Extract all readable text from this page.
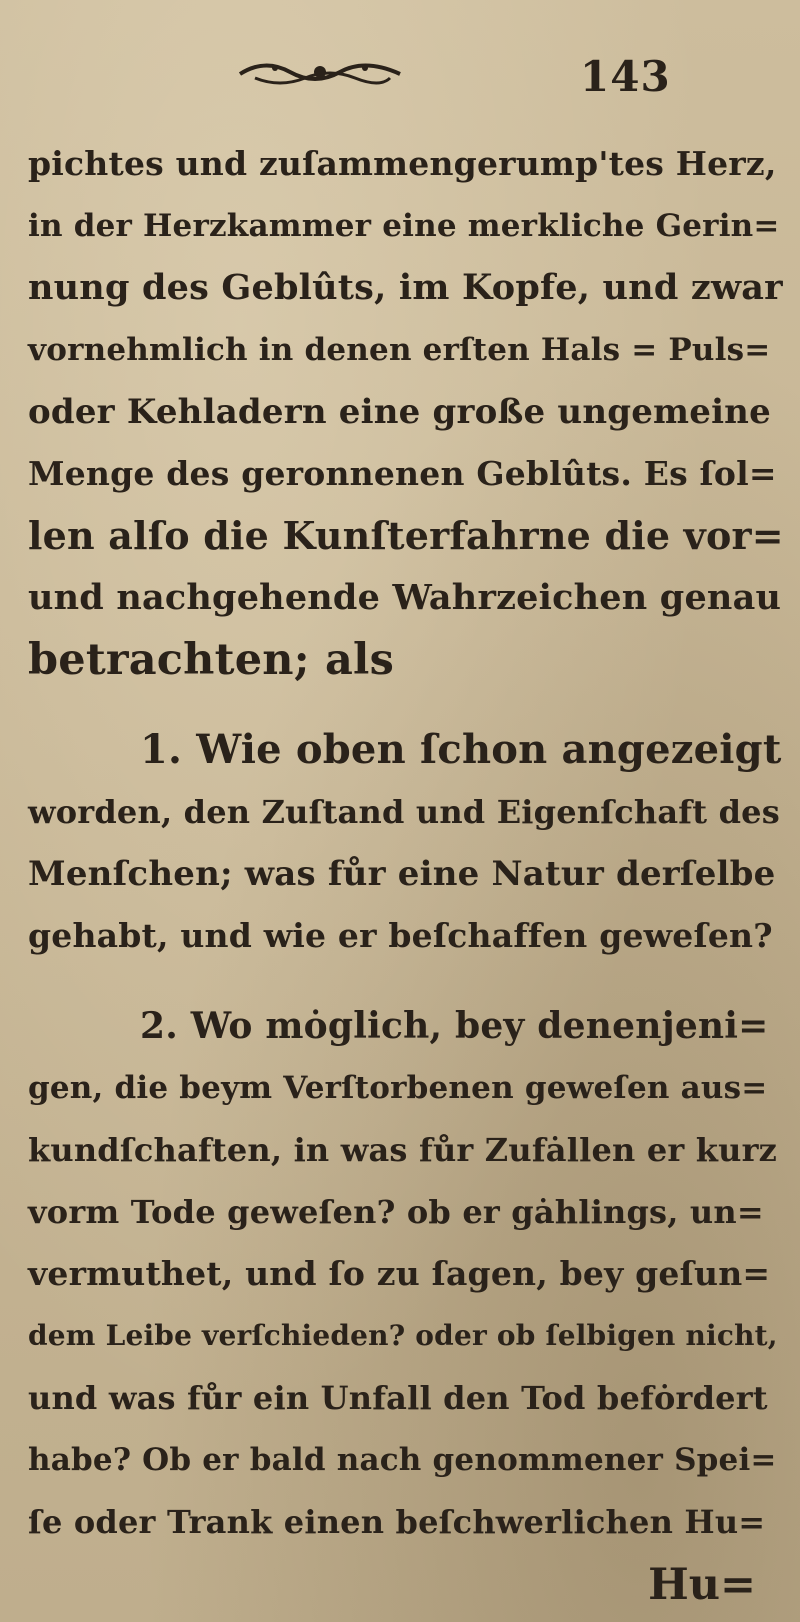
143
pichtes und zuſammengerump'tes Herz,
in der Herzkammer eine merkliche Gerin=
nung des Geblûts, im Kopfe, und zwar
vornehmlich in denen erſten Hals = Puls=
oder Kehladern eine große ungemeine
Menge des geronnenen Geblûts. Es ſol=
len alſo die Kunſterfahrne die vor=
und nachgehende Wahrzeichen genau
betrachten; als
1. Wie oben ſchon angezeigt
worden, den Zuſtand und Eigenſchaft des
Menſchen; was fůr eine Natur derſelbe
gehabt, und wie er beſchaffen geweſen?
2. Wo mȯglich, bey denenjeni=
gen, die beym Verſtorbenen geweſen aus=
kundſchaften, in was fůr Zufȧllen er kurz
vorm Tode geweſen? ob er gȧhlings, un=
vermuthet, und ſo zu ſagen, bey geſun=
dem Leibe verſchieden? oder ob ſelbigen nicht,
und was fůr ein Unfall den Tod befȯrdert
habe? Ob er bald nach genommener Spei=
ſe oder Trank einen beſchwerlichen Hu=
Hu=
